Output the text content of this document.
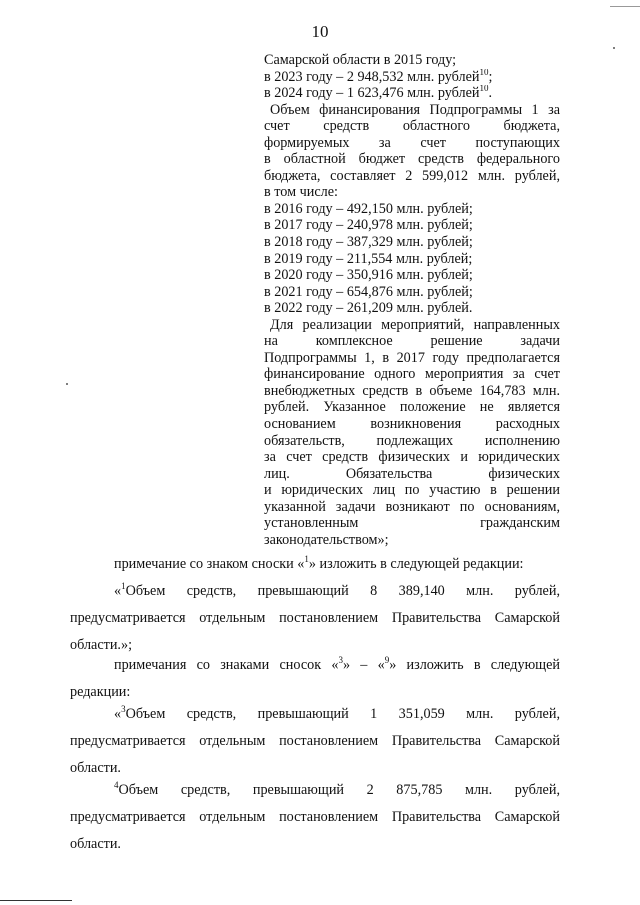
10
Самарской области в 2015 году;
в 2023 году – 2 948,532 млн. рублей$^{10}$;
в 2024 году – 1 623,476 млн. рублей$^{10}$.
Объем финансирования Подпрограммы 1 за
счет средств областного бюджета,
формируемых за счет поступающих
в областной бюджет средств федерального
бюджета, составляет 2 599,012 млн. рублей,
в том числе:
в 2016 году – 492,150 млн. рублей;
в 2017 году – 240,978 млн. рублей;
в 2018 году – 387,329 млн. рублей;
в 2019 году – 211,554 млн. рублей;
в 2020 году – 350,916 млн. рублей;
в 2021 году – 654,876 млн. рублей;
в 2022 году – 261,209 млн. рублей.
Для реализации мероприятий, направленных
на комплексное решение задачи
Подпрограммы 1, в 2017 году предполагается
финансирование одного мероприятия за счет
внебюджетных средств в объеме 164,783 млн.
рублей. Указанное положение не является
основанием возникновения расходных
обязательств, подлежащих исполнению
за счет средств физических и юридических
лиц. Обязательства физических
и юридических лиц по участию в решении
указанной задачи возникают по основаниям,
установленным гражданским
законодательством»;
примечание со знаком сноски «$^1$» изложить в следующей редакции:
«$^1$Объем средств, превышающий 8 389,140 млн. рублей,
предусматривается отдельным постановлением Правительства Самарской
области.»;
примечания со знаками сносок «$^3$» – «$^9$» изложить в следующей
редакции:
«$^3$Объем средств, превышающий 1 351,059 млн. рублей,
предусматривается отдельным постановлением Правительства Самарской
области.
$^4$Объем средств, превышающий 2 875,785 млн. рублей,
предусматривается отдельным постановлением Правительства Самарской
области.
